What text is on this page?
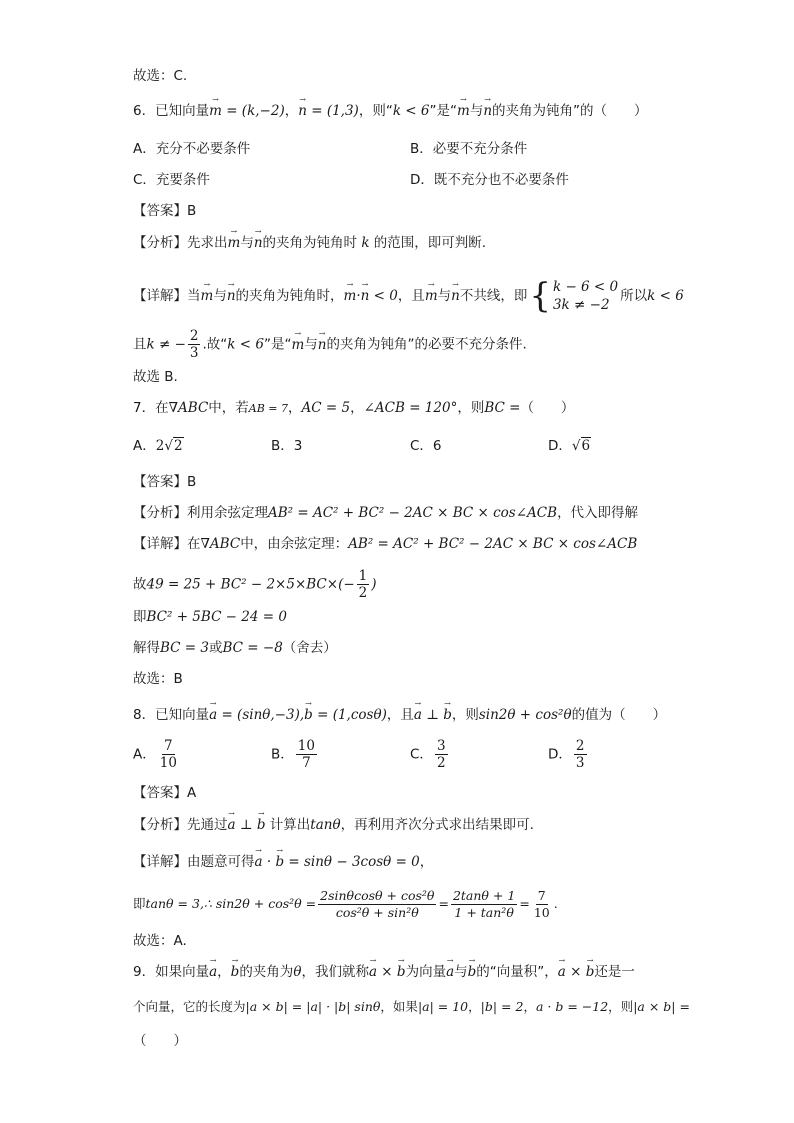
故选：C.
6．已知向量→ m = (k,−2)，→ n = (1,3)，则“k < 6”是“→ m与→ n的夹角为钝角”的（　　）
A．充分不必要条件	B．必要不充分条件
C．充要条件	D．既不充分也不必要条件
【答案】B
【分析】先求出→ m与→ n的夹角为钝角时 k 的范围，即可判断.
【详解】当→ m与→ n的夹角为钝角时，→ m·→ n < 0，且→ m与→ n不共线，即 { k − 6 < 0
3k ≠ −2
所以k < 6
且k ≠ − $\frac{2}{3}$ .故“k < 6”是“→ m与→ n的夹角为钝角”的必要不充分条件.
故选 B.
7．在∇ABC中，若AB = 7，AC = 5，∠ACB = 120°，则BC =（　　）
A．2√2	B．3	C．6	D．√6
【答案】B
【分析】利用余弦定理AB² = AC² + BC² − 2AC × BC × cos∠ACB，代入即得解
【详解】在∇ABC中，由余弦定理：AB² = AC² + BC² − 2AC × BC × cos∠ACB
故$49 = 25 + BC^2 - 2\times 5\times BC\times(- \frac{1}{2}$ )
即BC² + 5BC − 24 = 0
解得BC = 3或BC = −8（舍去）
故选：B
8．已知向量→ a = (sinθ,−3),→ b = (1,cosθ)，且→ a ⊥ → b，则sin2θ + cos²θ的值为（　　）
A． $\frac{7}{10}$	B． $\frac{10}{7}$	C． $\frac{3}{2}$	D． $\frac{2}{3}$
【答案】A
【分析】先通过→ a ⊥ → b 计算出tanθ，再利用齐次分式求出结果即可.
【详解】由题意可得→ a · → b = sinθ − 3cosθ = 0，
即tanθ = 3,∴ $\sin 2\theta + \cos^2\theta = \frac{\text{2sinθcosθ + cos²θ}}{\text{cos²θ + sin²θ}} = \frac{2\tan\theta + 1}{\text{1 + tan²θ}} = \frac{7}{10}$ .
故选：A.
9．如果向量→ a，→ b的夹角为θ，我们就称→ a × → b为向量→ a与→ b的“向量积”，→ a × → b还是一
个向量，它的长度为|a × b| = |a| · |b| sinθ，如果|a| = 10，|b| = 2，a · b = −12，则|a × b| =
（　　）
